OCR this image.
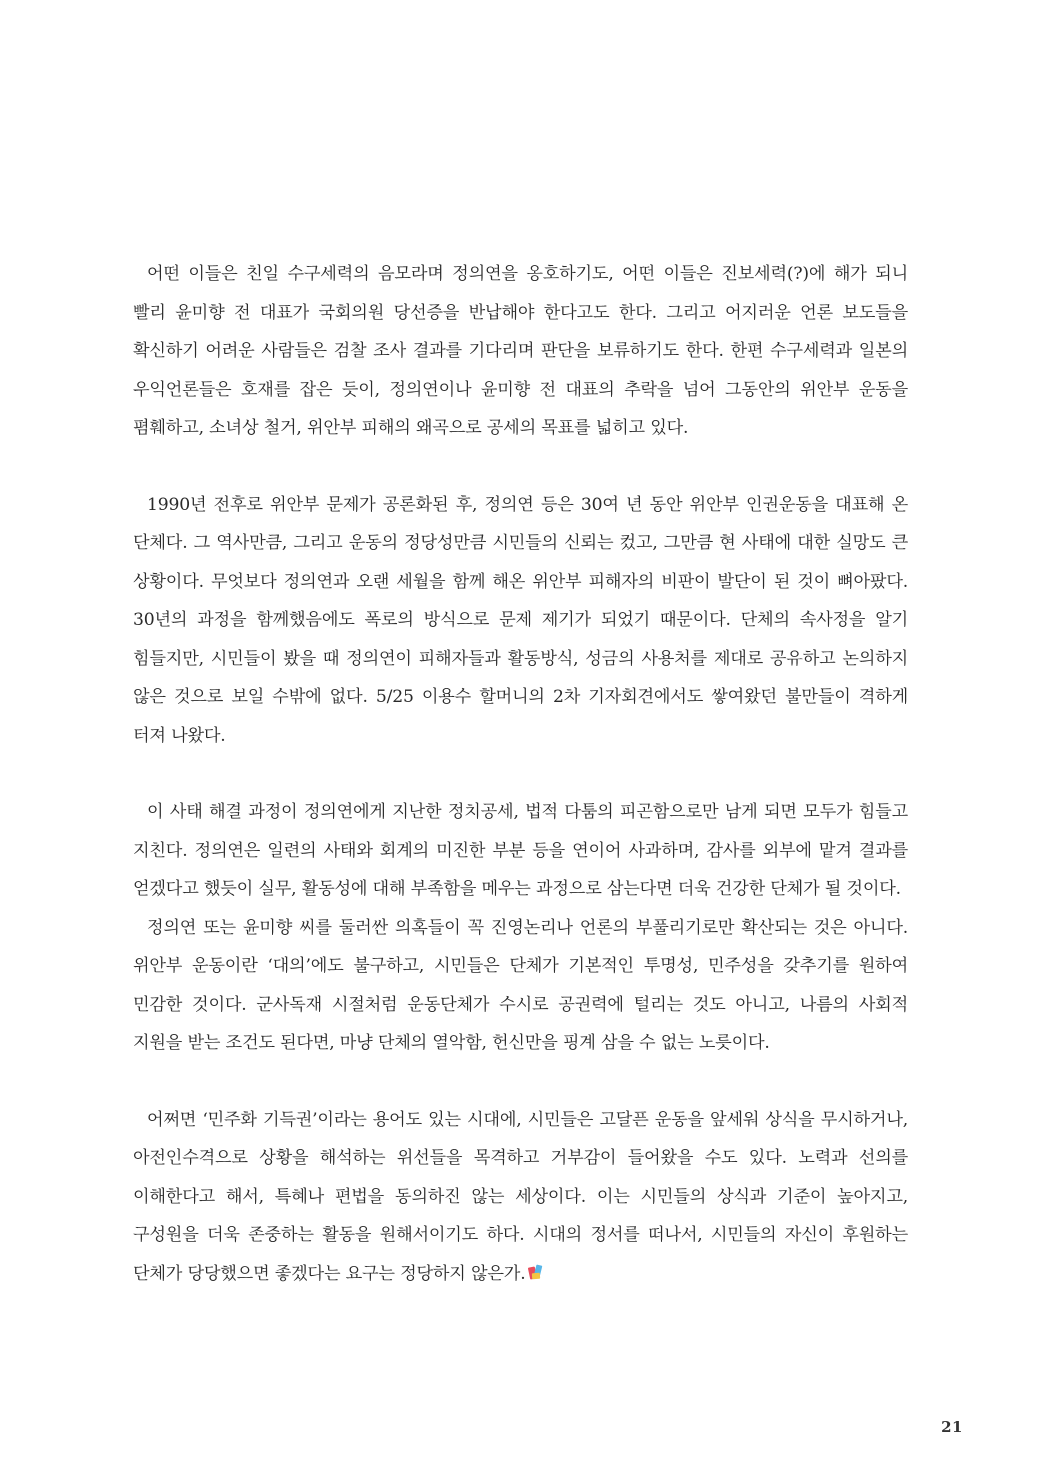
어떤 이들은 친일 수구세력의 음모라며 정의연을 옹호하기도, 어떤 이들은 진보세력(?)에 해가 되니 빨리 윤미향 전 대표가 국회의원 당선증을 반납해야 한다고도 한다. 그리고 어지러운 언론 보도들을 확신하기 어려운 사람들은 검찰 조사 결과를 기다리며 판단을 보류하기도 한다. 한편 수구세력과 일본의 우익언론들은 호재를 잡은 듯이, 정의연이나 윤미향 전 대표의 추락을 넘어 그동안의 위안부 운동을 폄훼하고, 소녀상 철거, 위안부 피해의 왜곡으로 공세의 목표를 넓히고 있다.

1990년 전후로 위안부 문제가 공론화된 후, 정의연 등은 30여 년 동안 위안부 인권운동을 대표해 온 단체다. 그 역사만큼, 그리고 운동의 정당성만큼 시민들의 신뢰는 컸고, 그만큼 현 사태에 대한 실망도 큰 상황이다. 무엇보다 정의연과 오랜 세월을 함께 해온 위안부 피해자의 비판이 발단이 된 것이 뼈아팠다. 30년의 과정을 함께했음에도 폭로의 방식으로 문제 제기가 되었기 때문이다. 단체의 속사정을 알기 힘들지만, 시민들이 봤을 때 정의연이 피해자들과 활동방식, 성금의 사용처를 제대로 공유하고 논의하지 않은 것으로 보일 수밖에 없다. 5/25 이용수 할머니의 2차 기자회견에서도 쌓여왔던 불만들이 격하게 터져 나왔다.

이 사태 해결 과정이 정의연에게 지난한 정치공세, 법적 다툼의 피곤함으로만 남게 되면 모두가 힘들고 지친다. 정의연은 일련의 사태와 회계의 미진한 부분 등을 연이어 사과하며, 감사를 외부에 맡겨 결과를 얻겠다고 했듯이 실무, 활동성에 대해 부족함을 메우는 과정으로 삼는다면 더욱 건강한 단체가 될 것이다.

정의연 또는 윤미향 씨를 둘러싼 의혹들이 꼭 진영논리나 언론의 부풀리기로만 확산되는 것은 아니다. 위안부 운동이란 ‘대의’에도 불구하고, 시민들은 단체가 기본적인 투명성, 민주성을 갖추기를 원하여 민감한 것이다. 군사독재 시절처럼 운동단체가 수시로 공권력에 털리는 것도 아니고, 나름의 사회적 지원을 받는 조건도 된다면, 마냥 단체의 열악함, 헌신만을 핑계 삼을 수 없는 노릇이다.

어쩌면 ‘민주화 기득권’이라는 용어도 있는 시대에, 시민들은 고달픈 운동을 앞세워 상식을 무시하거나, 아전인수격으로 상황을 해석하는 위선들을 목격하고 거부감이 들어왔을 수도 있다. 노력과 선의를 이해한다고 해서, 특혜나 편법을 동의하진 않는 세상이다. 이는 시민들의 상식과 기준이 높아지고, 구성원을 더욱 존중하는 활동을 원해서이기도 하다. 시대의 정서를 떠나서, 시민들의 자신이 후원하는 단체가 당당했으면 좋겠다는 요구는 정당하지 않은가.

21
